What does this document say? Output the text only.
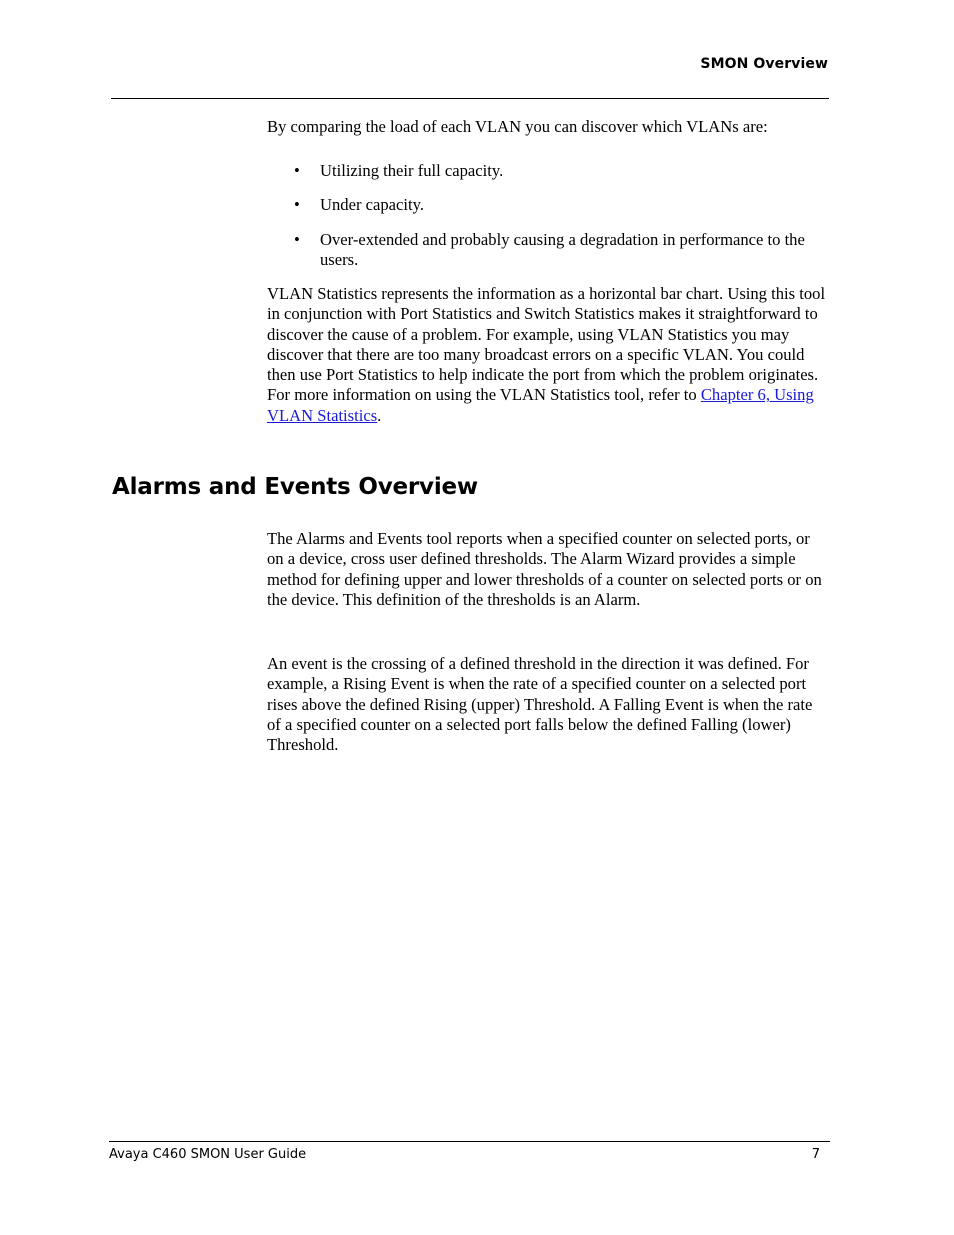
SMON Overview

By comparing the load of each VLAN you can discover which VLANs are:

• Utilizing their full capacity.
• Under capacity.
• Over-extended and probably causing a degradation in performance to the users.

VLAN Statistics represents the information as a horizontal bar chart. Using this tool in conjunction with Port Statistics and Switch Statistics makes it straightforward to discover the cause of a problem. For example, using VLAN Statistics you may discover that there are too many broadcast errors on a specific VLAN. You could then use Port Statistics to help indicate the port from which the problem originates. For more information on using the VLAN Statistics tool, refer to Chapter 6, Using VLAN Statistics.

Alarms and Events Overview

The Alarms and Events tool reports when a specified counter on selected ports, or on a device, cross user defined thresholds. The Alarm Wizard provides a simple method for defining upper and lower thresholds of a counter on selected ports or on the device. This definition of the thresholds is an Alarm.

An event is the crossing of a defined threshold in the direction it was defined. For example, a Rising Event is when the rate of a specified counter on a selected port rises above the defined Rising (upper) Threshold. A Falling Event is when the rate of a specified counter on a selected port falls below the defined Falling (lower) Threshold.

Avaya C460 SMON User Guide	7
